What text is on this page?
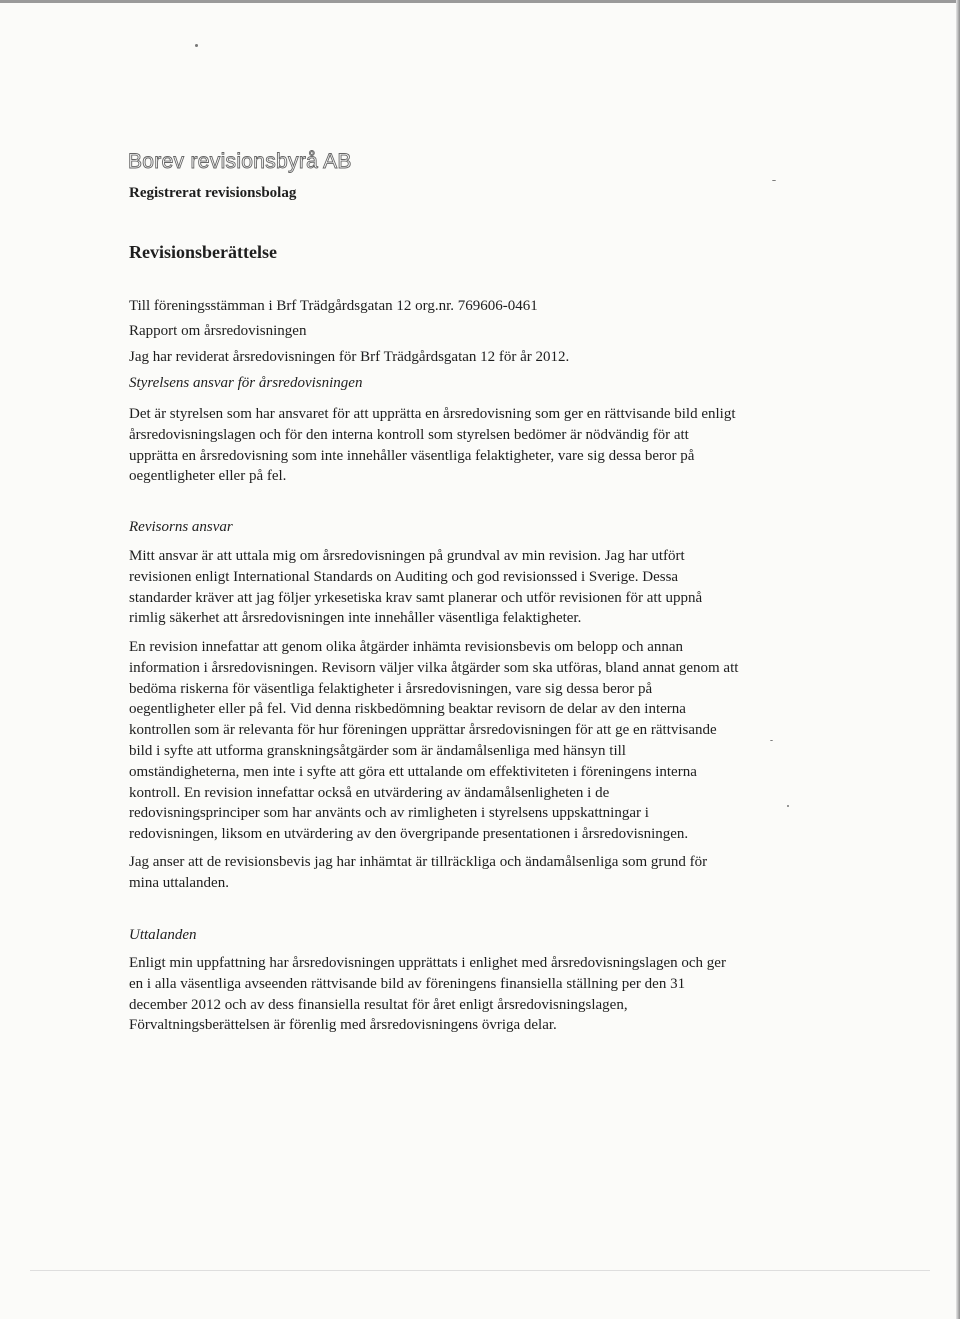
Borev revisionsbyrå AB
Registrerat revisionsbolag
Revisionsberättelse
Till föreningsstämman i Brf Trädgårdsgatan 12 org.nr. 769606-0461
Rapport om årsredovisningen
Jag har reviderat årsredovisningen för Brf Trädgårdsgatan 12 för år 2012.
Styrelsens ansvar för årsredovisningen

Det är styrelsen som har ansvaret för att upprätta en årsredovisning som ger en rättvisande bild enligt årsredovisningslagen och för den interna kontroll som styrelsen bedömer är nödvändig för att upprätta en årsredovisning som inte innehåller väsentliga felaktigheter, vare sig dessa beror på oegentligheter eller på fel.

Revisorns ansvar

Mitt ansvar är att uttala mig om årsredovisningen på grundval av min revision. Jag har utfört revisionen enligt International Standards on Auditing och god revisionssed i Sverige. Dessa standarder kräver att jag följer yrkesetiska krav samt planerar och utför revisionen för att uppnå rimlig säkerhet att årsredovisningen inte innehåller väsentliga felaktigheter.

En revision innefattar att genom olika åtgärder inhämta revisionsbevis om belopp och annan information i årsredovisningen. Revisorn väljer vilka åtgärder som ska utföras, bland annat genom att bedöma riskerna för väsentliga felaktigheter i årsredovisningen, vare sig dessa beror på oegentligheter eller på fel. Vid denna riskbedömning beaktar revisorn de delar av den interna kontrollen som är relevanta för hur föreningen upprättar årsredovisningen för att ge en rättvisande bild i syfte att utforma granskningsåtgärder som är ändamålsenliga med hänsyn till omständigheterna, men inte i syfte att göra ett uttalande om effektiviteten i föreningens interna kontroll. En revision innefattar också en utvärdering av ändamålsenligheten i de redovisningsprinciper som har använts och av rimligheten i styrelsens uppskattningar i redovisningen, liksom en utvärdering av den övergripande presentationen i årsredovisningen.

Jag anser att de revisionsbevis jag har inhämtat är tillräckliga och ändamålsenliga som grund för mina uttalanden.

Uttalanden

Enligt min uppfattning har årsredovisningen upprättats i enlighet med årsredovisningslagen och ger en i alla väsentliga avseenden rättvisande bild av föreningens finansiella ställning per den 31 december 2012 och av dess finansiella resultat för året enligt årsredovisningslagen, Förvaltningsberättelsen är förenlig med årsredovisningens övriga delar.
